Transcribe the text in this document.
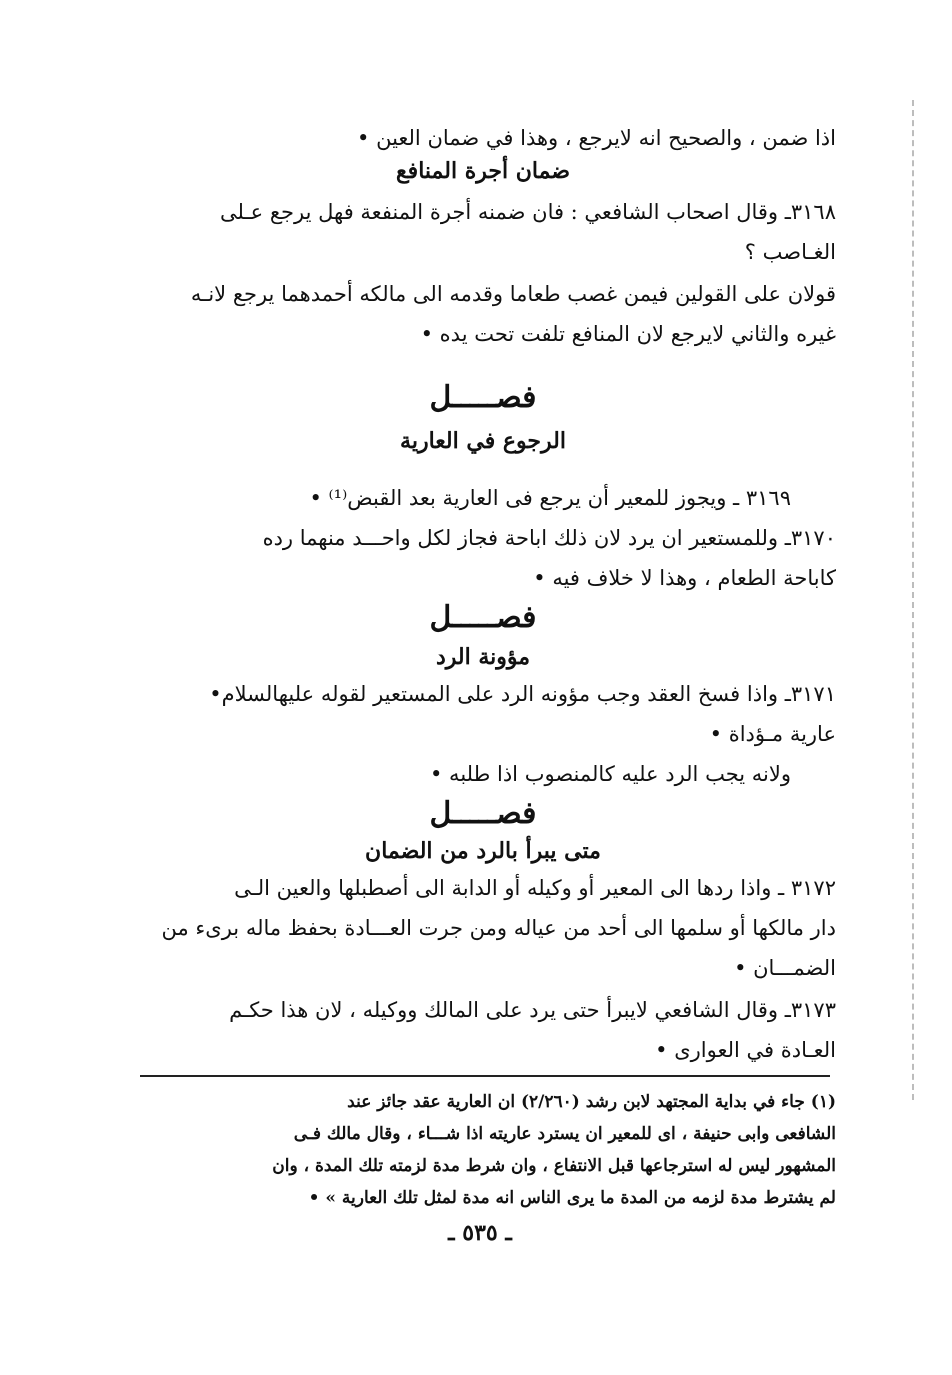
اذا ضمن ، والصحيح انه لايرجع ، وهذا في ضمان العين •
ضمان أجرة المنافع
٣١٦٨ـ وقال اصحاب الشافعي : فان ضمنه أجرة المنفعة فهل يرجع عـلى
الغـاصب ؟
قولان على القولين فيمن غصب طعاما وقدمه الى مالكه أحمدهما يرجع لانـه
غيره والثاني لايرجع لان المنافع تلفت تحت يده •
فصـــــل
الرجوع في العارية
٣١٦٩ ـ ويجوز للمعير أن يرجع فى العارية بعد القبض⁽¹⁾ •
٣١٧٠ـ وللمستعير ان يرد لان ذلك اباحة فجاز لكل واحـــد منهما رده
كاباحة الطعام ، وهذا لا خلاف فيه •
فصـــــل
مؤونة الرد
٣١٧١ـ واذا فسخ العقد وجب مؤونه الرد على المستعير لقوله عليهالسلام•
عارية مـؤداة •
ولانه يجب الرد عليه كالمنصوب اذا طلبه •
فصـــــل
متى يبرأ بالرد من الضمان
٣١٧٢ ـ واذا ردها الى المعير أو وكيله أو الدابة الى أصطبلها والعين الـى
دار مالكها أو سلمها الى أحد من عياله ومن جرت العـــادة بحفظ ماله برىء من
الضمـــان •
٣١٧٣ـ وقال الشافعي لايبرأ حتى يرد على المالك ووكيله ، لان هذا حكـم
العـادة في العوارى •
(١) جاء في بداية المجتهد لابن رشد (٢/٢٦٠) ان العارية عقد جائز عند
الشافعى وابى حنيفة ، اى للمعير ان يسترد عاريته اذا شـــاء ، وقال مالك فـى
المشهور ليس له استرجاعها قبل الانتفاع ، وان شرط مدة لزمته تلك المدة ، وان
لم يشترط مدة لزمه من المدة ما يرى الناس انه مدة لمثل تلك العارية » •
ـ ٥٣٥ ـ
